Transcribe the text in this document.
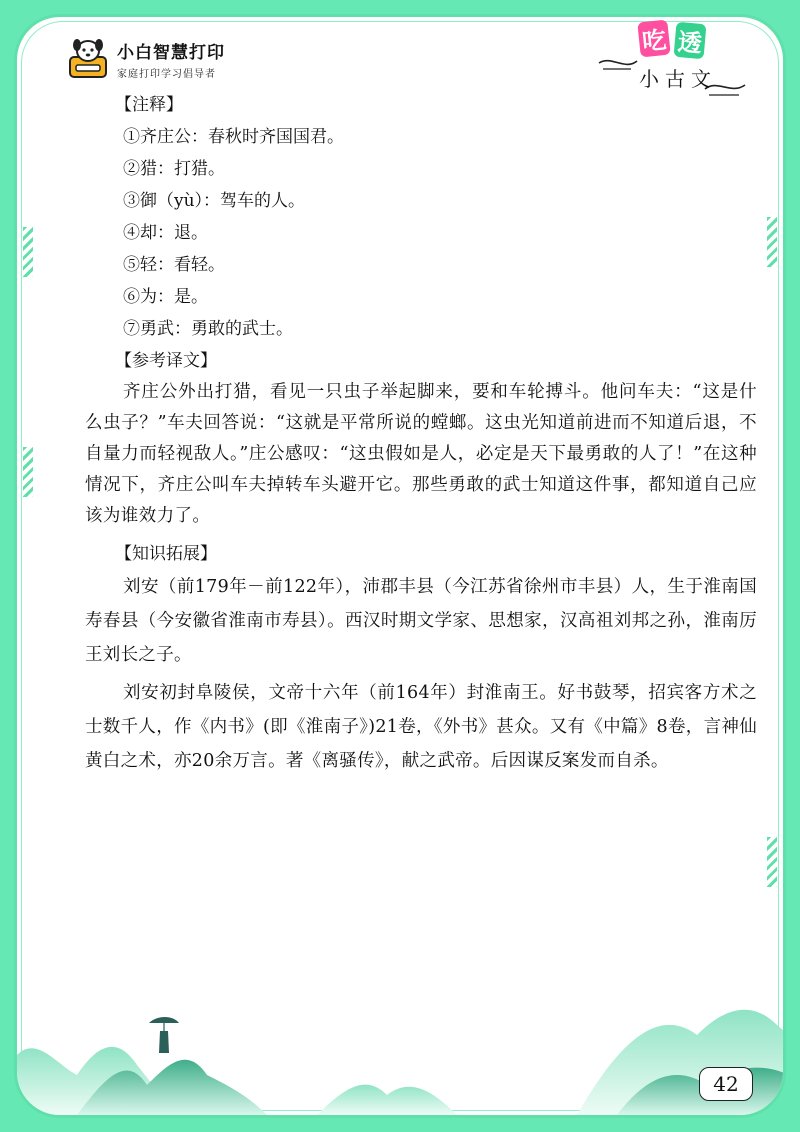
小白智慧打印
家庭打印学习倡导者
吃 透
小古文
【注释】
①齐庄公：春秋时齐国国君。
②猎：打猎。
③御（yù）：驾车的人。
④却：退。
⑤轻：看轻。
⑥为：是。
⑦勇武：勇敢的武士。
【参考译文】

齐庄公外出打猎，看见一只虫子举起脚来，要和车轮搏斗。他问车夫：“这是什么虫子？”车夫回答说：“这就是平常所说的螳螂。这虫光知道前进而不知道后退，不自量力而轻视敌人。”庄公感叹：“这虫假如是人，必定是天下最勇敢的人了！”在这种情况下，齐庄公叫车夫掉转车头避开它。那些勇敢的武士知道这件事，都知道自己应该为谁效力了。

【知识拓展】

刘安（前179年－前122年），沛郡丰县（今江苏省徐州市丰县）人，生于淮南国寿春县（今安徽省淮南市寿县）。西汉时期文学家、思想家，汉高祖刘邦之孙，淮南厉王刘长之子。

刘安初封阜陵侯，文帝十六年（前164年）封淮南王。好书鼓琴，招宾客方术之士数千人，作《内书》(即《淮南子》)21卷，《外书》甚众。又有《中篇》8卷，言神仙黄白之术，亦20余万言。著《离骚传》，献之武帝。后因谋反案发而自杀。

42
